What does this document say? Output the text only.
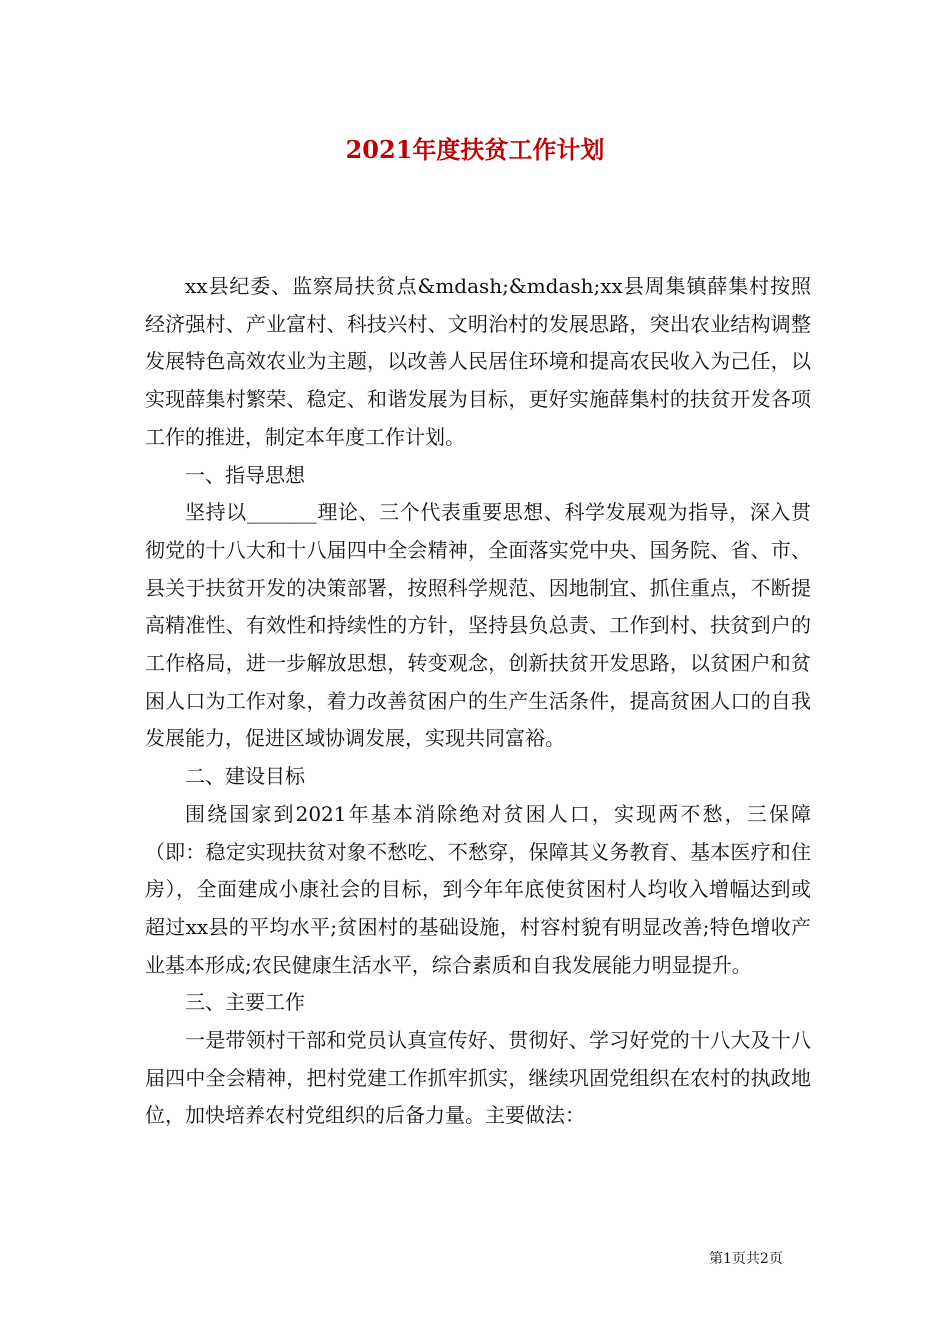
2021年度扶贫工作计划

xx县纪委、监察局扶贫点&mdash;&mdash;xx县周集镇薛集村按照经济强村、产业富村、科技兴村、文明治村的发展思路，突出农业结构调整发展特色高效农业为主题，以改善人民居住环境和提高农民收入为己任，以实现薛集村繁荣、稳定、和谐发展为目标，更好实施薛集村的扶贫开发各项工作的推进，制定本年度工作计划。

一、指导思想

坚持以_______理论、三个代表重要思想、科学发展观为指导，深入贯彻党的十八大和十八届四中全会精神，全面落实党中央、国务院、省、市、县关于扶贫开发的决策部署，按照科学规范、因地制宜、抓住重点，不断提高精准性、有效性和持续性的方针，坚持县负总责、工作到村、扶贫到户的工作格局，进一步解放思想，转变观念，创新扶贫开发思路，以贫困户和贫困人口为工作对象，着力改善贫困户的生产生活条件，提高贫困人口的自我发展能力，促进区域协调发展，实现共同富裕。

二、建设目标

围绕国家到2021年基本消除绝对贫困人口，实现两不愁，三保障（即：稳定实现扶贫对象不愁吃、不愁穿，保障其义务教育、基本医疗和住房），全面建成小康社会的目标，到今年年底使贫困村人均收入增幅达到或超过xx县的平均水平;贫困村的基础设施，村容村貌有明显改善;特色增收产业基本形成;农民健康生活水平，综合素质和自我发展能力明显提升。

三、主要工作

一是带领村干部和党员认真宣传好、贯彻好、学习好党的十八大及十八届四中全会精神，把村党建工作抓牢抓实，继续巩固党组织在农村的执政地位，加快培养农村党组织的后备力量。主要做法：

第1页共2页
